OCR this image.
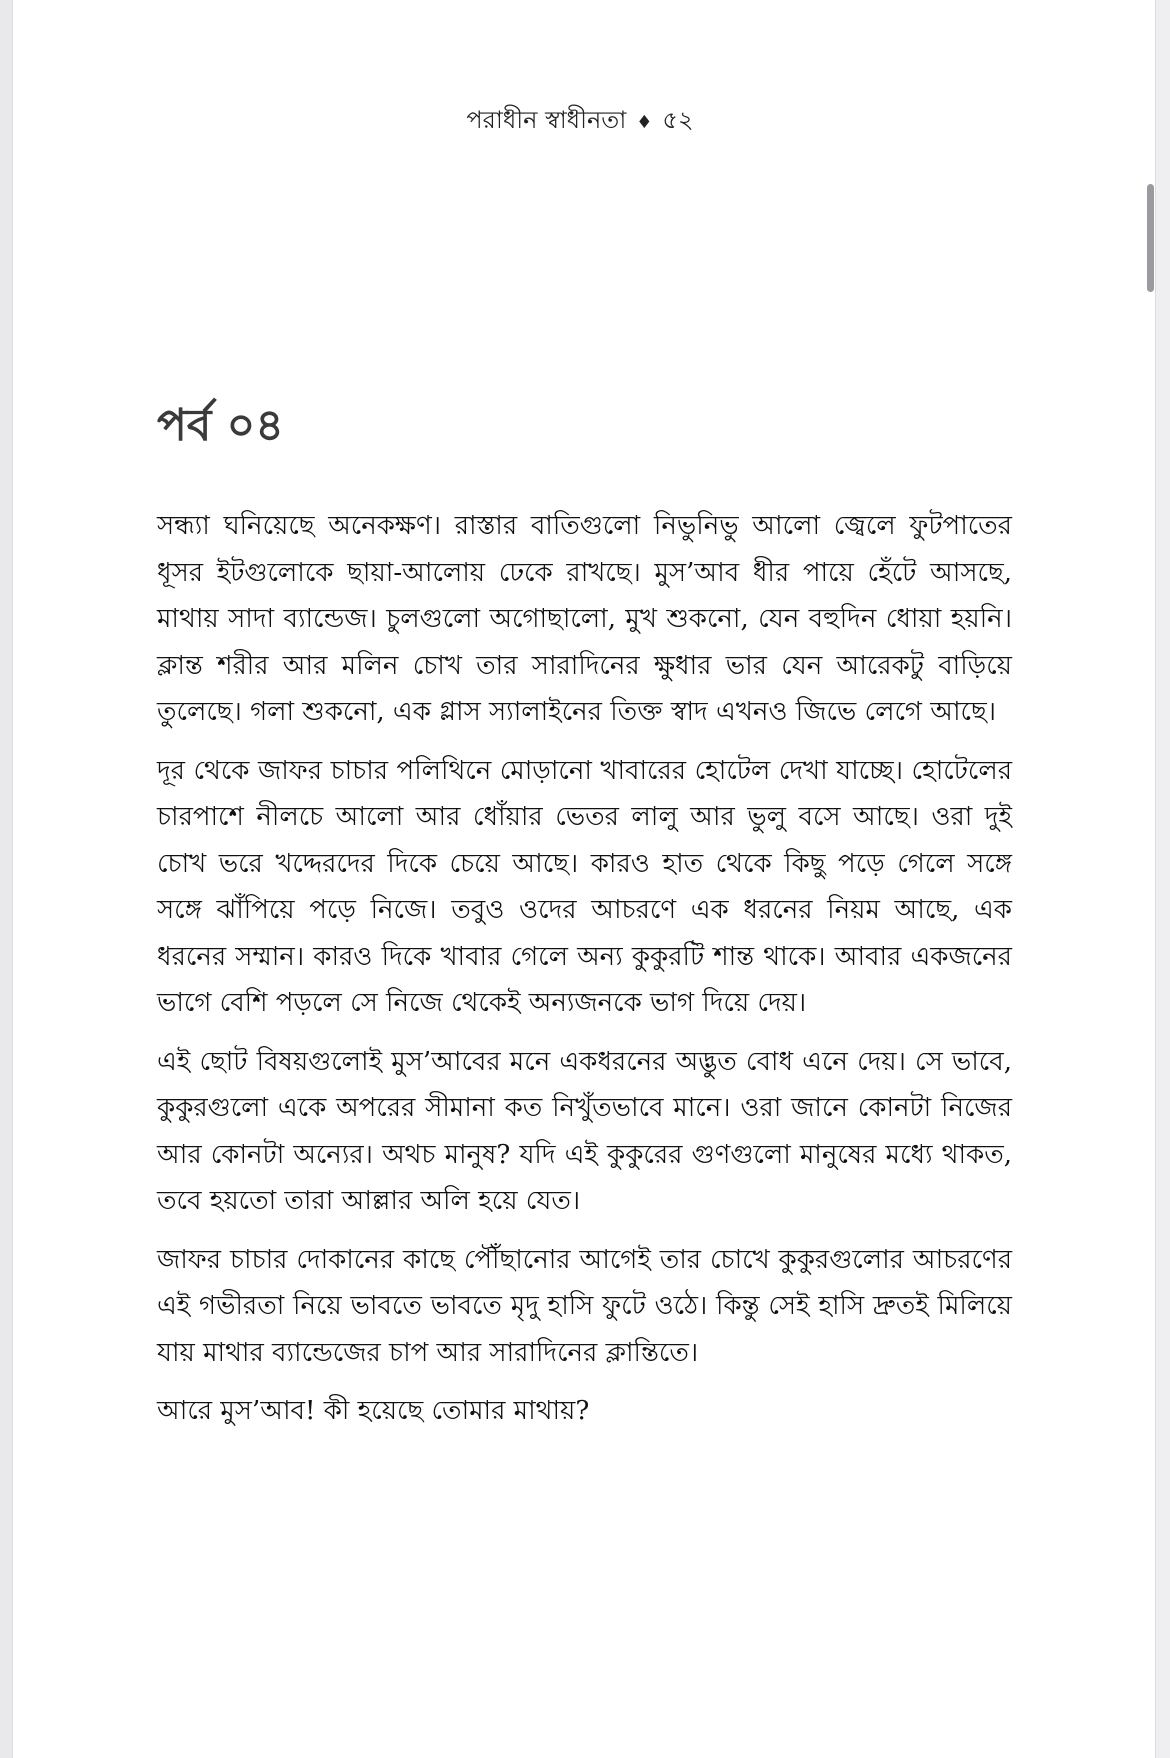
পরাধীন স্বাধীনতা ♦ ৫২
পর্ব ০৪

সন্ধ্যা ঘনিয়েছে অনেকক্ষণ। রাস্তার বাতিগুলো নিভুনিভু আলো জ্বেলে ফুটপাতের ধূসর ইটগুলোকে ছায়া-আলোয় ঢেকে রাখছে। মুস’আব ধীর পায়ে হেঁটে আসছে, মাথায় সাদা ব্যান্ডেজ। চুলগুলো অগোছালো, মুখ শুকনো, যেন বহুদিন ধোয়া হয়নি। ক্লান্ত শরীর আর মলিন চোখ তার সারাদিনের ক্ষুধার ভার যেন আরেকটু বাড়িয়ে তুলেছে। গলা শুকনো, এক গ্লাস স্যালাইনের তিক্ত স্বাদ এখনও জিভে লেগে আছে।

দূর থেকে জাফর চাচার পলিথিনে মোড়ানো খাবারের হোটেল দেখা যাচ্ছে। হোটেলের চারপাশে নীলচে আলো আর ধোঁয়ার ভেতর লালু আর ভুলু বসে আছে। ওরা দুই চোখ ভরে খদ্দেরদের দিকে চেয়ে আছে। কারও হাত থেকে কিছু পড়ে গেলে সঙ্গে সঙ্গে ঝাঁপিয়ে পড়ে নিজে। তবুও ওদের আচরণে এক ধরনের নিয়ম আছে, এক ধরনের সম্মান। কারও দিকে খাবার গেলে অন্য কুকুরটি শান্ত থাকে। আবার একজনের ভাগে বেশি পড়লে সে নিজে থেকেই অন্যজনকে ভাগ দিয়ে দেয়।

এই ছোট বিষয়গুলোই মুস’আবের মনে একধরনের অদ্ভুত বোধ এনে দেয়। সে ভাবে, কুকুরগুলো একে অপরের সীমানা কত নিখুঁতভাবে মানে। ওরা জানে কোনটা নিজের আর কোনটা অন্যের। অথচ মানুষ? যদি এই কুকুরের গুণগুলো মানুষের মধ্যে থাকত, তবে হয়তো তারা আল্লার অলি হয়ে যেত।

জাফর চাচার দোকানের কাছে পৌঁছানোর আগেই তার চোখে কুকুরগুলোর আচরণের এই গভীরতা নিয়ে ভাবতে ভাবতে মৃদু হাসি ফুটে ওঠে। কিন্তু সেই হাসি দ্রুতই মিলিয়ে যায় মাথার ব্যান্ডেজের চাপ আর সারাদিনের ক্লান্তিতে।

আরে মুস’আব! কী হয়েছে তোমার মাথায়?
